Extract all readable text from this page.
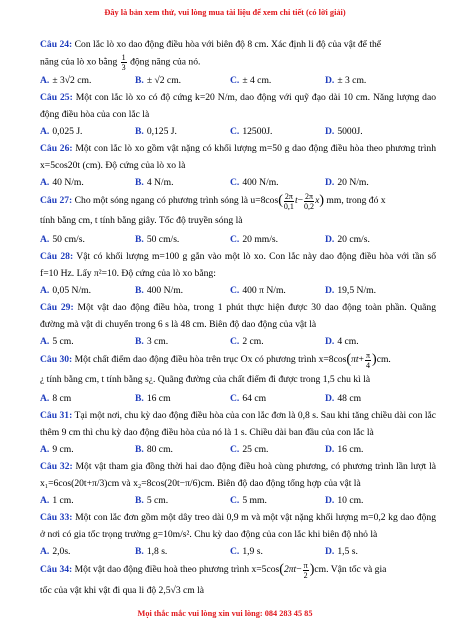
Đây là bản xem thử, vui lòng mua tài liệu để xem chi tiết (có lời giải)
Câu 24: Con lắc lò xo dao động điều hòa với biên độ 8 cm. Xác định li độ của vật để thế
năng của lò xo bằng $\frac{1}{3}$ động năng của nó.
A. ± 3√2 cm.	B. ± √2 cm.	C. ± 4 cm.	D. ± 3 cm.
Câu 25: Một con lắc lò xo có độ cứng k=20 N/m, dao động với quỹ đạo dài 10 cm. Năng lượng dao động điều hòa của con lắc là
A. 0,025 J.	B. 0,125 J.	C. 12500J.	D. 5000J.
Câu 26: Một con lắc lò xo gồm vật nặng có khối lượng m=50 g dao động điều hòa theo phương trình x=5cos20t (cm). Độ cứng của lò xo là
A. 40 N/m.	B. 4 N/m.	C. 400 N/m.	D. 20 N/m.
Câu 27: Cho một sóng ngang có phương trình sóng là $u=8\cos( \frac{2\pi}{0,1} t- \frac{2\pi}{0,2} x)$ mm, trong đó x
tính bằng cm, t tính bằng giây. Tốc độ truyền sóng là
A. 50 cm/s.	B. 50 cm/s.	C. 20 mm/s.	D. 20 cm/s.
Câu 28: Vật có khối lượng m=100 g gắn vào một lò xo. Con lắc này dao động điều hòa với tần số f=10 Hz. Lấy π²=10. Độ cứng của lò xo bằng:
A. 0,05 N/m.	B. 400 N/m.	C. 400 π N/m.	D. 19,5 N/m.
Câu 29: Một vật dao động điều hòa, trong 1 phút thực hiện được 30 dao động toàn phần. Quãng đường mà vật di chuyển trong 6 s là 48 cm. Biên độ dao động của vật là
A. 5 cm.	B. 3 cm.	C. 2 cm.	D. 4 cm.
Câu 30: Một chất điểm dao động điều hòa trên trục Ox có phương trình $x=8\cos(\pi t+ \frac{\pi}{4} )cm$.
¿ tính bằng cm, t tính bằng s¿. Quãng đường của chất điểm đi được trong 1,5 chu kì là
A. 8 cm	B. 16 cm	C. 64 cm	D. 48 cm
Câu 31: Tại một nơi, chu kỳ dao động điều hòa của con lắc đơn là 0,8 s. Sau khi tăng chiều dài con lắc thêm 9 cm thì chu kỳ dao động điều hòa của nó là 1 s. Chiều dài ban đầu của con lắc là
A. 9 cm.	B. 80 cm.	C. 25 cm.	D. 16 cm.
Câu 32: Một vật tham gia đồng thời hai dao động điều hoà cùng phương, có phương trình lần lượt là x₁=6cos(20t+π/3)cm và x₂=8cos(20t−π/6)cm. Biên độ dao động tổng hợp của vật là
A. 1 cm.	B. 5 cm.	C. 5 mm.	D. 10 cm.
Câu 33: Một con lắc đơn gồm một dây treo dài 0,9 m và một vật nặng khối lượng m=0,2 kg dao động ở nơi có gia tốc trọng trường g=10m/s². Chu kỳ dao động của con lắc khi biên độ nhỏ là
A. 2,0s.	B. 1,8 s.	C. 1,9 s.	D. 1,5 s.
Câu 34: Một vật dao động điều hoà theo phương trình $x=5\cos(2\pi t- \frac{\pi}{2} )cm$. Vận tốc và gia
tốc của vật khi vật đi qua li độ 2,5√3 cm là
Mọi thắc mắc vui lòng xin vui lòng: 084 283 45 85
